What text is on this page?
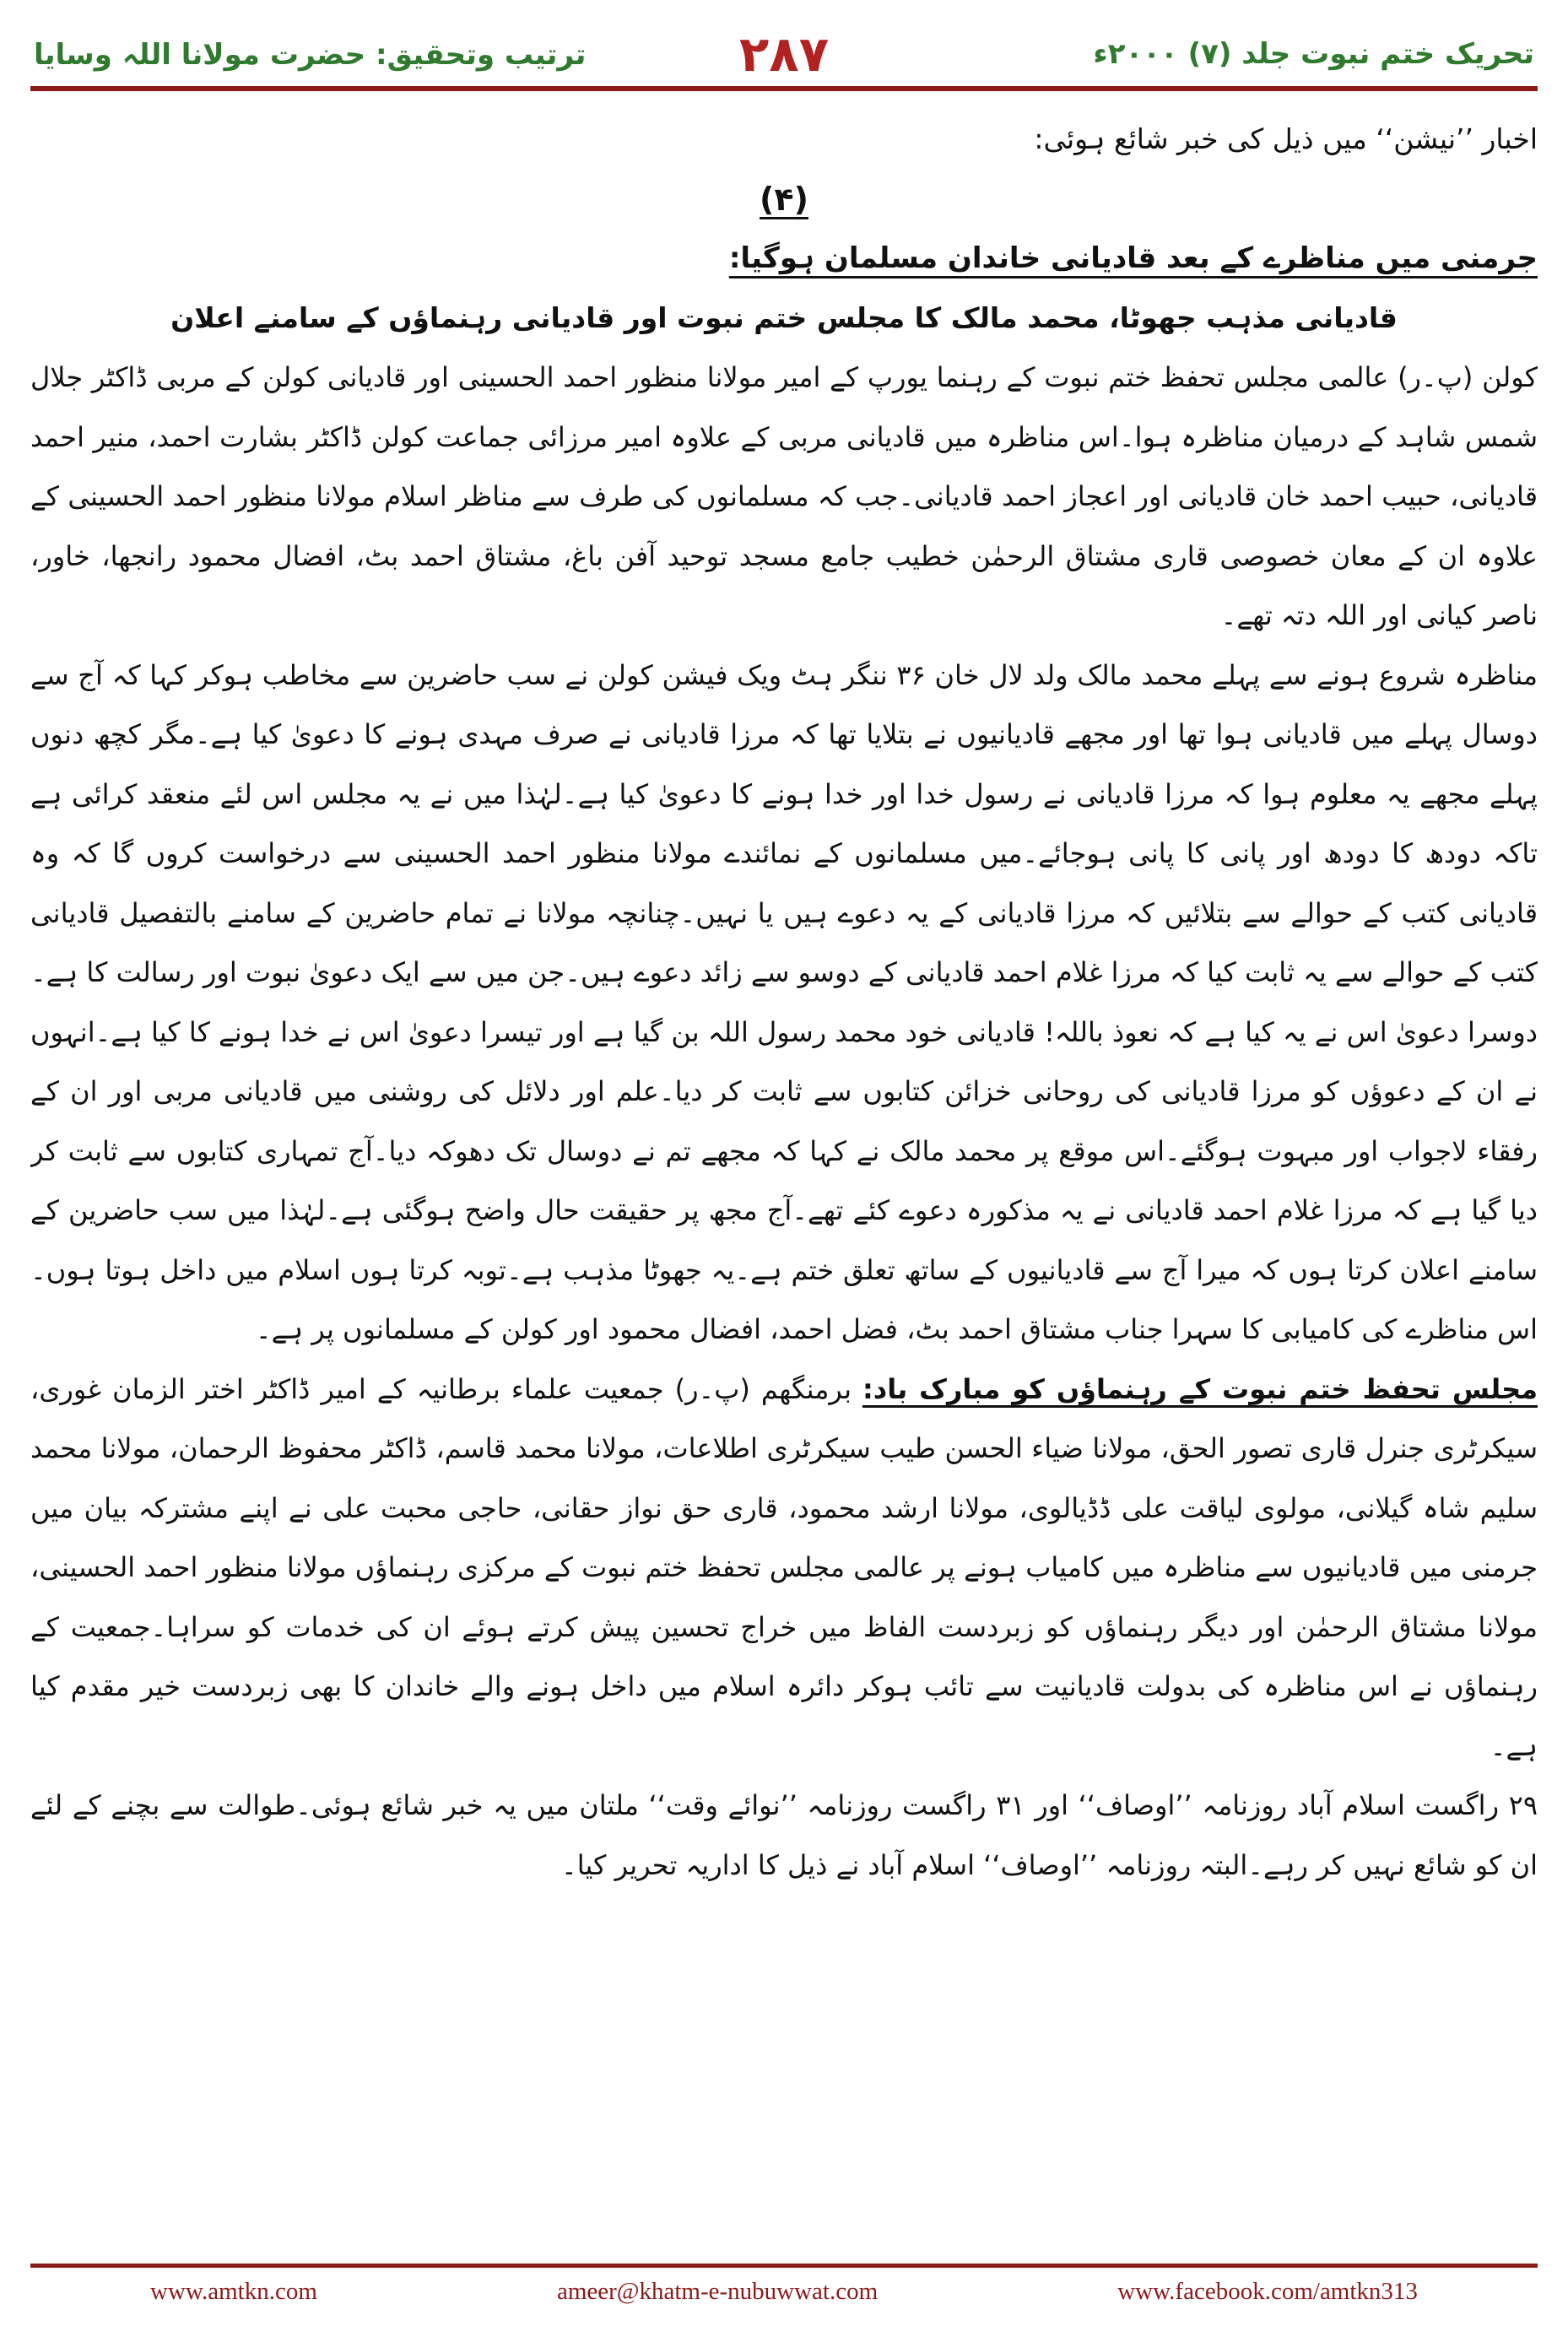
تحریک ختم نبوت جلد (۷) ۲۰۰۰ء
۲۸۷
ترتیب وتحقیق: حضرت مولانا اللہ وسایا

اخبار ’’نیشن‘‘ میں ذیل کی خبر شائع ہوئی:

(۴)

جرمنی میں مناظرے کے بعد قادیانی خاندان مسلمان ہوگیا:

قادیانی مذہب جھوٹا، محمد مالک کا مجلس ختم نبوت اور قادیانی رہنماؤں کے سامنے اعلان

کولن (پ۔ر) عالمی مجلس تحفظ ختم نبوت کے رہنما یورپ کے امیر مولانا منظور احمد الحسینی اور قادیانی کولن کے مربی ڈاکٹر جلال شمس شاہد کے درمیان مناظرہ ہوا۔اس مناظرہ میں قادیانی مربی کے علاوہ امیر مرزائی جماعت کولن ڈاکٹر بشارت احمد، منیر احمد قادیانی، حبیب احمد خان قادیانی اور اعجاز احمد قادیانی۔جب کہ مسلمانوں کی طرف سے مناظر اسلام مولانا منظور احمد الحسینی کے علاوہ ان کے معان خصوصی قاری مشتاق الرحمٰن خطیب جامع مسجد توحید آفن باغ، مشتاق احمد بٹ، افضال محمود رانجھا، خاور، ناصر کیانی اور اللہ دتہ تھے۔

مناظرہ شروع ہونے سے پہلے محمد مالک ولد لال خان ۳۶ ننگر ہٹ ویک فیشن کولن نے سب حاضرین سے مخاطب ہوکر کہا کہ آج سے دوسال پہلے میں قادیانی ہوا تھا اور مجھے قادیانیوں نے بتلایا تھا کہ مرزا قادیانی نے صرف مہدی ہونے کا دعویٰ کیا ہے۔مگر کچھ دنوں پہلے مجھے یہ معلوم ہوا کہ مرزا قادیانی نے رسول خدا اور خدا ہونے کا دعویٰ کیا ہے۔لہٰذا میں نے یہ مجلس اس لئے منعقد کرائی ہے تاکہ دودھ کا دودھ اور پانی کا پانی ہوجائے۔میں مسلمانوں کے نمائندے مولانا منظور احمد الحسینی سے درخواست کروں گا کہ وہ قادیانی کتب کے حوالے سے بتلائیں کہ مرزا قادیانی کے یہ دعوے ہیں یا نہیں۔چنانچہ مولانا نے تمام حاضرین کے سامنے بالتفصیل قادیانی کتب کے حوالے سے یہ ثابت کیا کہ مرزا غلام احمد قادیانی کے دوسو سے زائد دعوے ہیں۔جن میں سے ایک دعویٰ نبوت اور رسالت کا ہے۔دوسرا دعویٰ اس نے یہ کیا ہے کہ نعوذ باللہ! قادیانی خود محمد رسول اللہ بن گیا ہے اور تیسرا دعویٰ اس نے خدا ہونے کا کیا ہے۔انہوں نے ان کے دعوؤں کو مرزا قادیانی کی روحانی خزائن کتابوں سے ثابت کر دیا۔علم اور دلائل کی روشنی میں قادیانی مربی اور ان کے رفقاء لاجواب اور مبہوت ہوگئے۔اس موقع پر محمد مالک نے کہا کہ مجھے تم نے دوسال تک دھوکہ دیا۔آج تمہاری کتابوں سے ثابت کر دیا گیا ہے کہ مرزا غلام احمد قادیانی نے یہ مذکورہ دعوے کئے تھے۔آج مجھ پر حقیقت حال واضح ہوگئی ہے۔لہٰذا میں سب حاضرین کے سامنے اعلان کرتا ہوں کہ میرا آج سے قادیانیوں کے ساتھ تعلق ختم ہے۔یہ جھوٹا مذہب ہے۔توبہ کرتا ہوں اسلام میں داخل ہوتا ہوں۔اس مناظرے کی کامیابی کا سہرا جناب مشتاق احمد بٹ، فضل احمد، افضال محمود اور کولن کے مسلمانوں پر ہے۔

مجلس تحفظ ختم نبوت کے رہنماؤں کو مبارک باد: برمنگھم (پ۔ر) جمعیت علماء برطانیہ کے امیر ڈاکٹر اختر الزمان غوری، سیکرٹری جنرل قاری تصور الحق، مولانا ضیاء الحسن طیب سیکرٹری اطلاعات، مولانا محمد قاسم، ڈاکٹر محفوظ الرحمان، مولانا محمد سلیم شاہ گیلانی، مولوی لیاقت علی ڈڈیالوی، مولانا ارشد محمود، قاری حق نواز حقانی، حاجی محبت علی نے اپنے مشترکہ بیان میں جرمنی میں قادیانیوں سے مناظرہ میں کامیاب ہونے پر عالمی مجلس تحفظ ختم نبوت کے مرکزی رہنماؤں مولانا منظور احمد الحسینی، مولانا مشتاق الرحمٰن اور دیگر رہنماؤں کو زبردست الفاظ میں خراج تحسین پیش کرتے ہوئے ان کی خدمات کو سراہا۔جمعیت کے رہنماؤں نے اس مناظرہ کی بدولت قادیانیت سے تائب ہوکر دائرہ اسلام میں داخل ہونے والے خاندان کا بھی زبردست خیر مقدم کیا ہے۔

۲۹ راگست اسلام آباد روزنامہ ’’اوصاف‘‘ اور ۳۱ راگست روزنامہ ’’نوائے وقت‘‘ ملتان میں یہ خبر شائع ہوئی۔طوالت سے بچنے کے لئے ان کو شائع نہیں کر رہے۔البتہ روزنامہ ’’اوصاف‘‘ اسلام آباد نے ذیل کا اداریہ تحریر کیا۔

www.amtkn.com	ameer@khatm-e-nubuwwat.com	www.facebook.com/amtkn313
